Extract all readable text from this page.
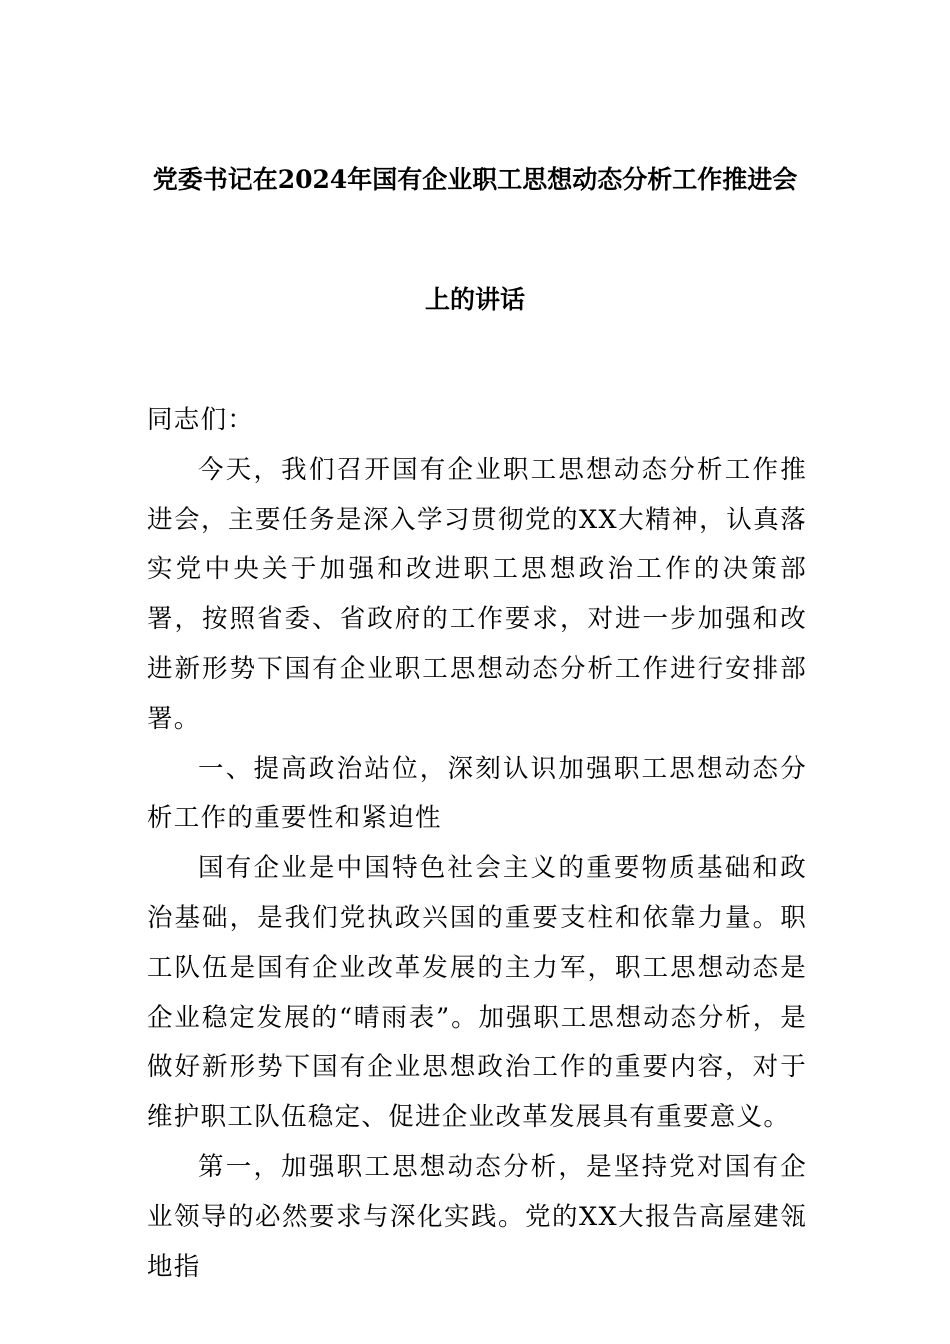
党委书记在2024年国有企业职工思想动态分析工作推进会
上的讲话

同志们：

今天，我们召开国有企业职工思想动态分析工作推进会，主要任务是深入学习贯彻党的XX大精神，认真落实党中央关于加强和改进职工思想政治工作的决策部署，按照省委、省政府的工作要求，对进一步加强和改进新形势下国有企业职工思想动态分析工作进行安排部署。

一、提高政治站位，深刻认识加强职工思想动态分析工作的重要性和紧迫性

国有企业是中国特色社会主义的重要物质基础和政治基础，是我们党执政兴国的重要支柱和依靠力量。职工队伍是国有企业改革发展的主力军，职工思想动态是企业稳定发展的“晴雨表”。加强职工思想动态分析，是做好新形势下国有企业思想政治工作的重要内容，对于维护职工队伍稳定、促进企业改革发展具有重要意义。

第一，加强职工思想动态分析，是坚持党对国有企业领导的必然要求与深化实践。党的XX大报告高屋建瓴地指
